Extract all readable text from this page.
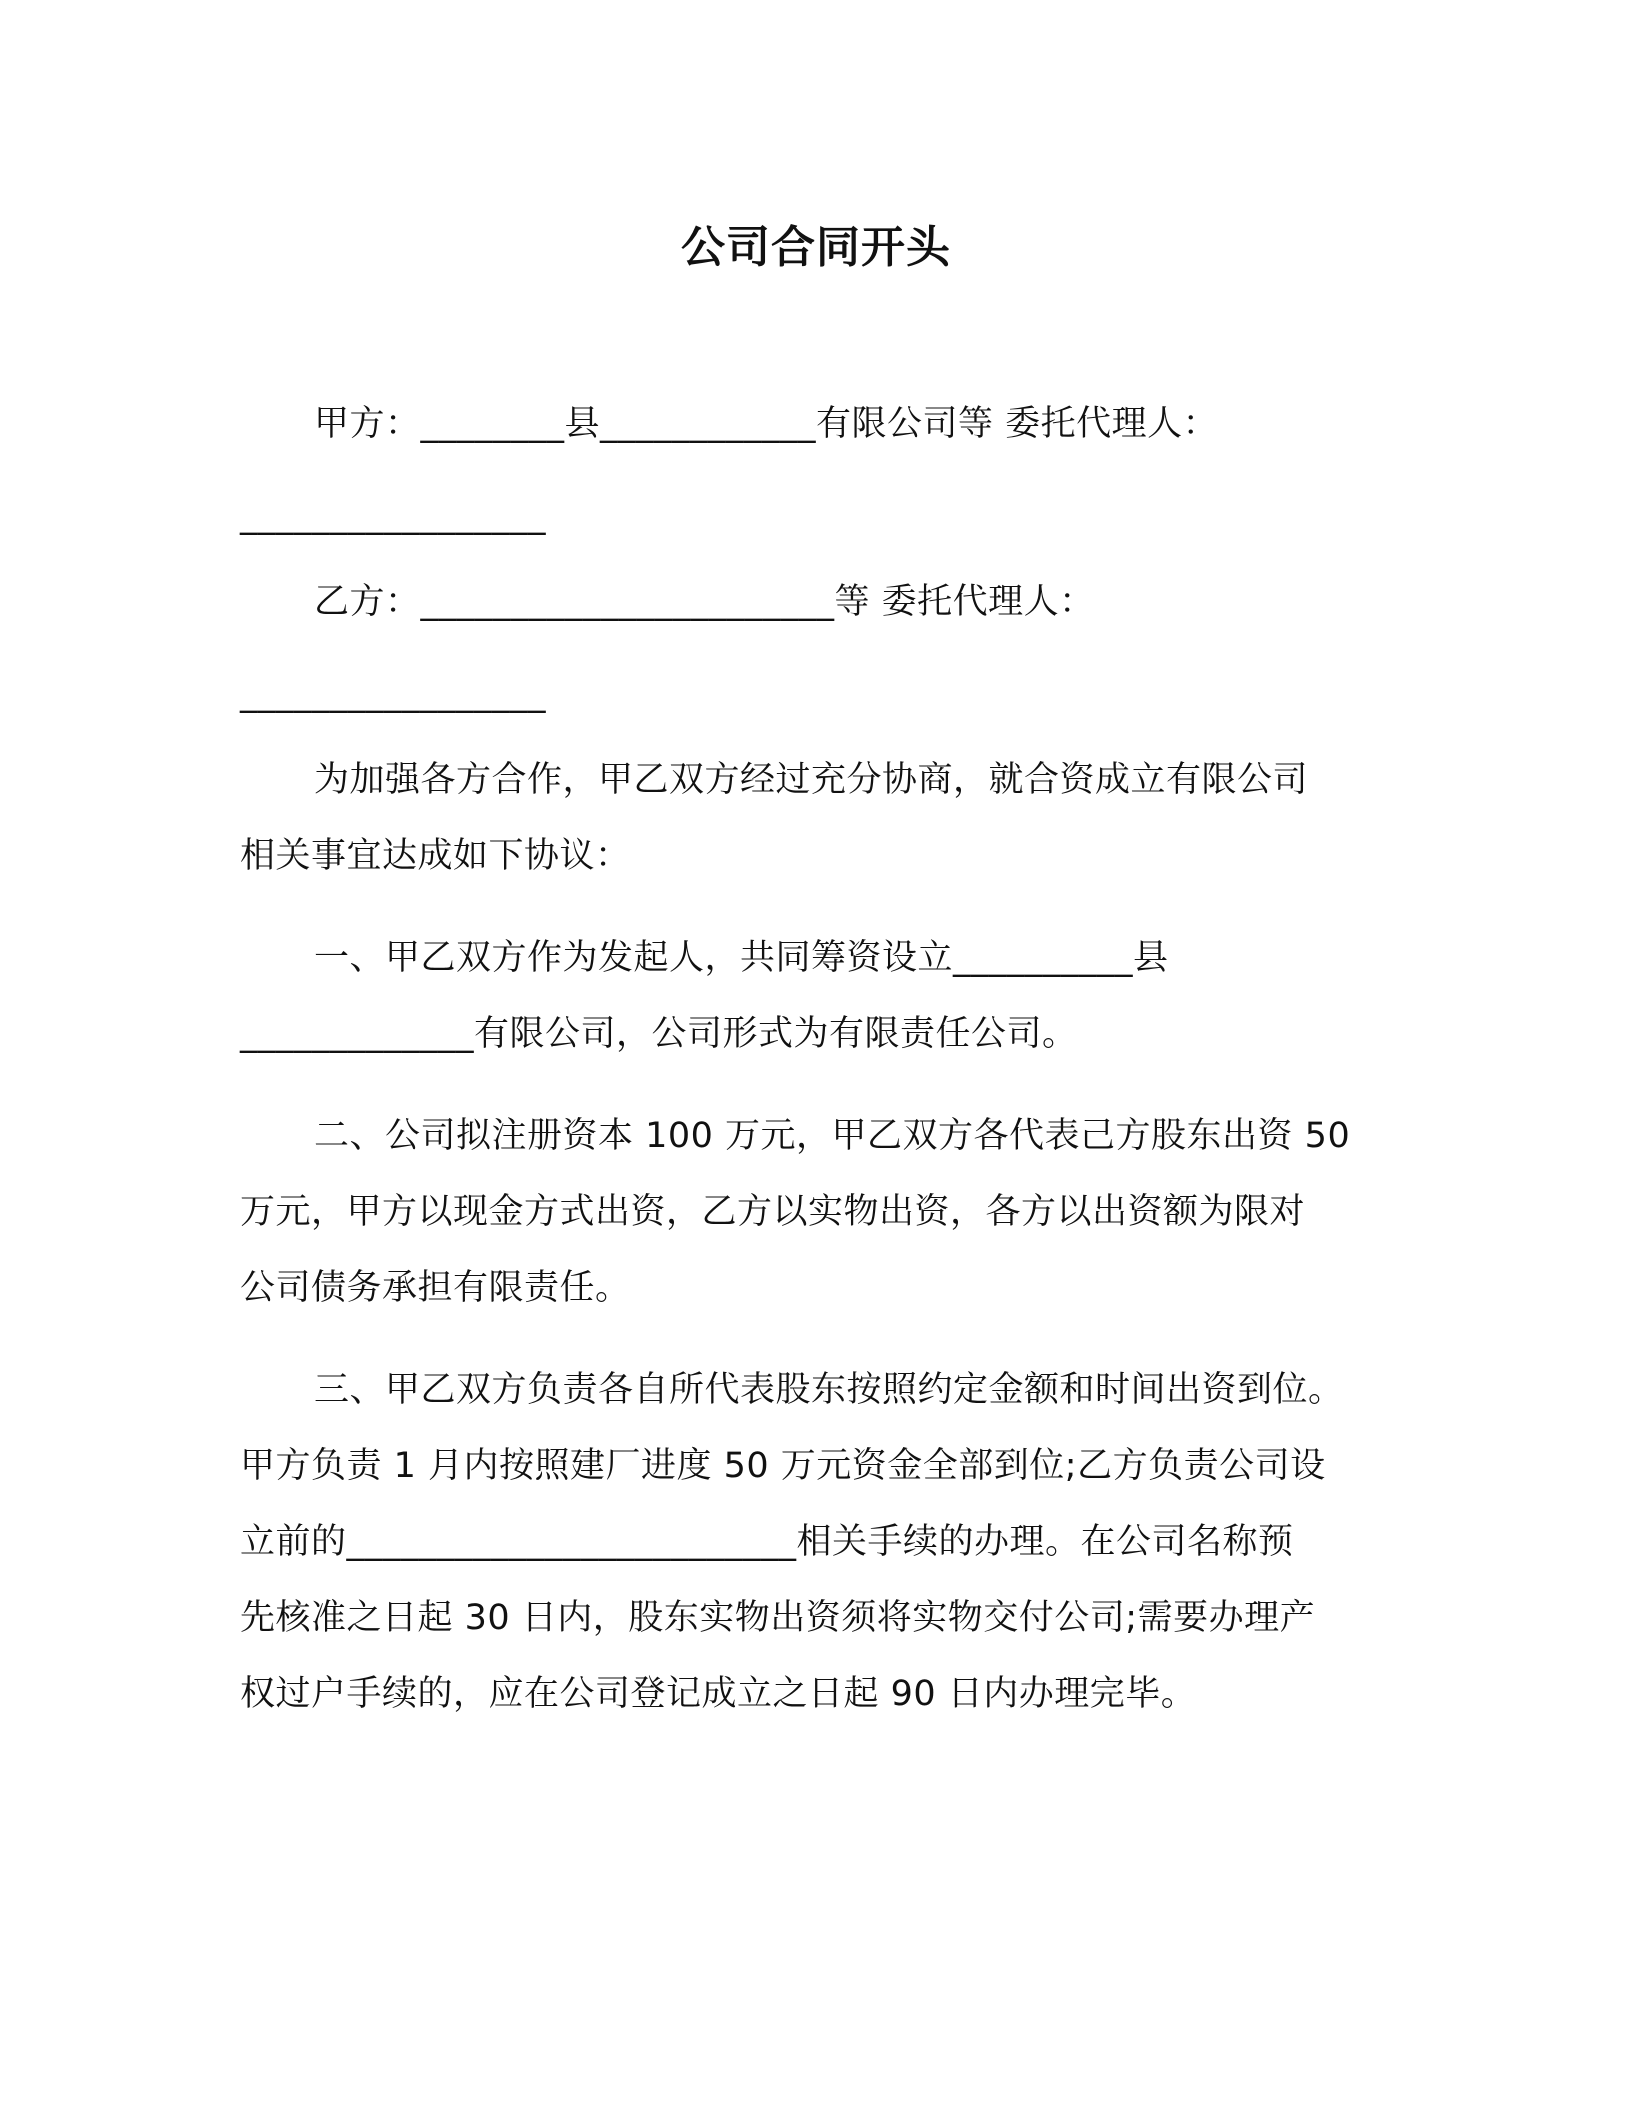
公司合同开头
甲方：________县____________有限公司等 委托代理人：
_________________
乙方：_______________________等 委托代理人：
_________________
为加强各方合作，甲乙双方经过充分协商，就合资成立有限公司
相关事宜达成如下协议：
一、甲乙双方作为发起人，共同筹资设立__________县
_____________有限公司，公司形式为有限责任公司。
二、公司拟注册资本 100 万元，甲乙双方各代表己方股东出资 50
万元，甲方以现金方式出资，乙方以实物出资，各方以出资额为限对
公司债务承担有限责任。
三、甲乙双方负责各自所代表股东按照约定金额和时间出资到位。
甲方负责 1 月内按照建厂进度 50 万元资金全部到位;乙方负责公司设
立前的_________________________相关手续的办理。在公司名称预
先核准之日起 30 日内，股东实物出资须将实物交付公司;需要办理产
权过户手续的，应在公司登记成立之日起 90 日内办理完毕。
